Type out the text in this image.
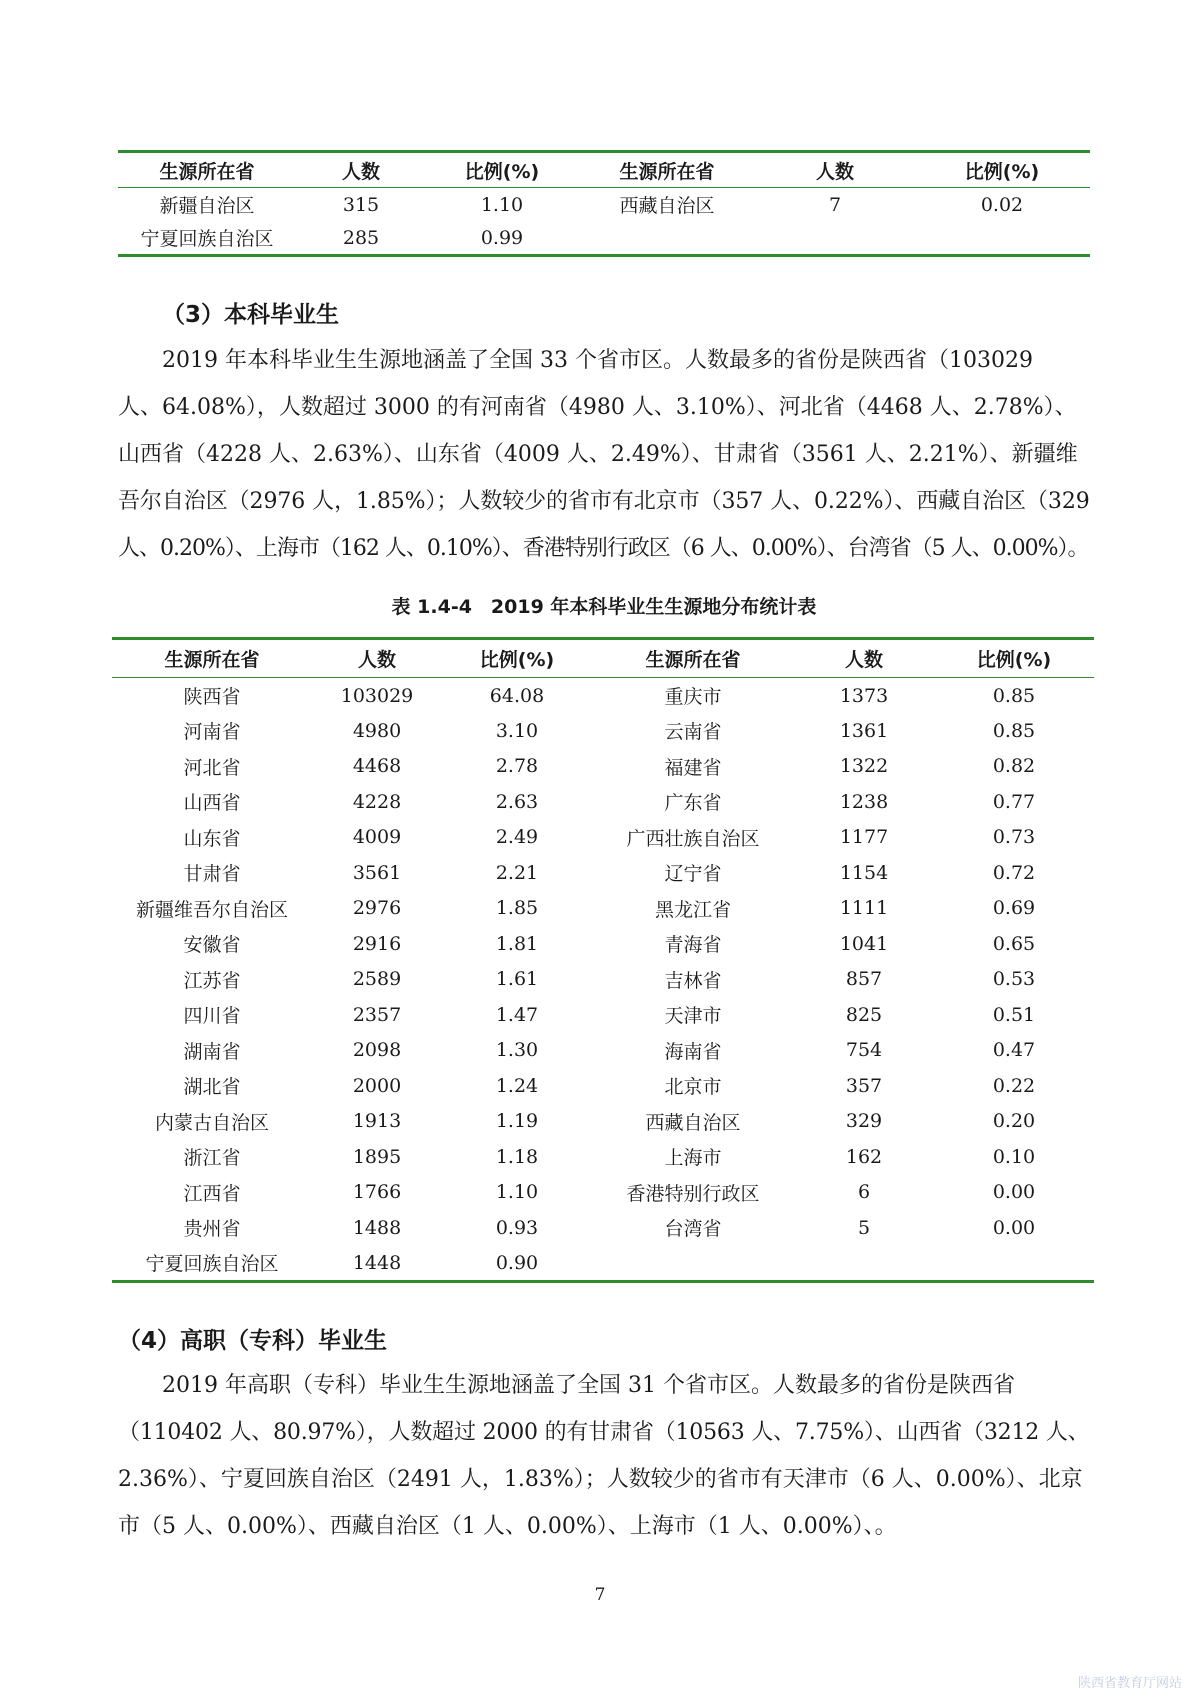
生源所在省	人数	比例(%)	生源所在省	人数	比例(%)
新疆自治区	315	1.10	西藏自治区	7	0.02
宁夏回族自治区	285	0.99			
（3）本科毕业生
2019 年本科毕业生生源地涵盖了全国 33 个省市区。人数最多的省份是陕西省（103029
人、64.08%），人数超过 3000 的有河南省（4980 人、3.10%）、河北省（4468 人、2.78%）、
山西省（4228 人、2.63%）、山东省（4009 人、2.49%）、甘肃省（3561 人、2.21%）、新疆维
吾尔自治区（2976 人，1.85%）；人数较少的省市有北京市（357 人、0.22%）、西藏自治区（329
人、0.20%）、上海市（162 人、0.10%）、香港特别行政区（6 人、0.00%）、台湾省（5 人、0.00%）。
表 1.4-4　2019 年本科毕业生生源地分布统计表
生源所在省	人数	比例(%)	生源所在省	人数	比例(%)
陕西省	103029	64.08	重庆市	1373	0.85
河南省	4980	3.10	云南省	1361	0.85
河北省	4468	2.78	福建省	1322	0.82
山西省	4228	2.63	广东省	1238	0.77
山东省	4009	2.49	广西壮族自治区	1177	0.73
甘肃省	3561	2.21	辽宁省	1154	0.72
新疆维吾尔自治区	2976	1.85	黑龙江省	1111	0.69
安徽省	2916	1.81	青海省	1041	0.65
江苏省	2589	1.61	吉林省	857	0.53
四川省	2357	1.47	天津市	825	0.51
湖南省	2098	1.30	海南省	754	0.47
湖北省	2000	1.24	北京市	357	0.22
内蒙古自治区	1913	1.19	西藏自治区	329	0.20
浙江省	1895	1.18	上海市	162	0.10
江西省	1766	1.10	香港特别行政区	6	0.00
贵州省	1488	0.93	台湾省	5	0.00
宁夏回族自治区	1448	0.90			
（4）高职（专科）毕业生
2019 年高职（专科）毕业生生源地涵盖了全国 31 个省市区。人数最多的省份是陕西省
（110402 人、80.97%），人数超过 2000 的有甘肃省（10563 人、7.75%）、山西省（3212 人、
2.36%）、宁夏回族自治区（2491 人，1.83%）；人数较少的省市有天津市（6 人、0.00%）、北京
市（5 人、0.00%）、西藏自治区（1 人、0.00%）、上海市（1 人、0.00%）、。
7
陕西省教育厅网站
